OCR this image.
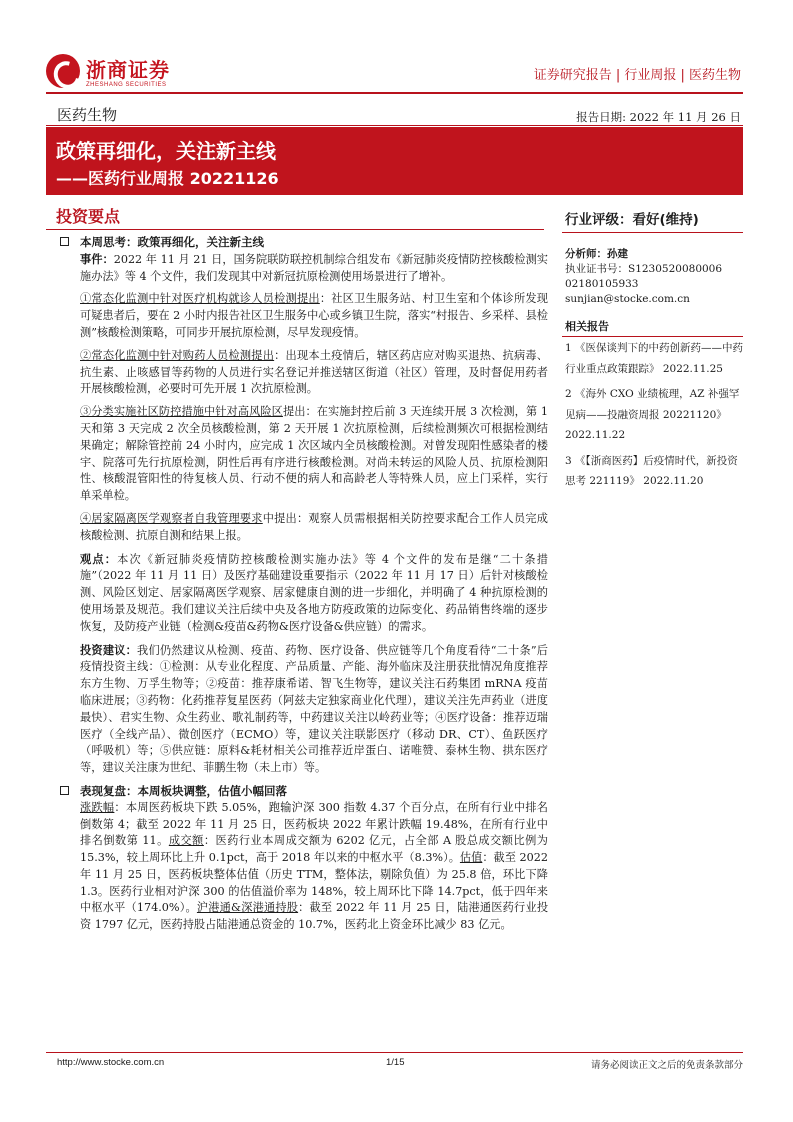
浙商证券
ZHESHANG SECURITIES
证券研究报告 | 行业周报 | 医药生物
医药生物	报告日期: 2022 年 11 月 26 日
政策再细化，关注新主线
——医药行业周报 20221126
投资要点	行业评级：看好(维持)
分析师：孙建
执业证书号：S1230520080006
02180105933
sunjian@stocke.com.cn
相关报告
1 《医保谈判下的中药创新药——中药行业重点政策跟踪》 2022.11.25
2 《海外 CXO 业绩梳理，AZ 补强罕见病——投融资周报 20221120》 2022.11.22
3 《【浙商医药】后疫情时代，新投资思考 221119》 2022.11.20
本周思考：政策再细化，关注新主线
事件：2022 年 11 月 21 日，国务院联防联控机制综合组发布《新冠肺炎疫情防控核酸检测实施办法》等 4 个文件，我们发现其中对新冠抗原检测使用场景进行了增补。
①常态化监测中针对医疗机构就诊人员检测提出：社区卫生服务站、村卫生室和个体诊所发现可疑患者后，要在 2 小时内报告社区卫生服务中心或乡镇卫生院，落实“村报告、乡采样、县检测”核酸检测策略，可同步开展抗原检测，尽早发现疫情。
②常态化监测中针对购药人员检测提出：出现本土疫情后，辖区药店应对购买退热、抗病毒、抗生素、止咳感冒等药物的人员进行实名登记并推送辖区街道（社区）管理，及时督促用药者开展核酸检测，必要时可先开展 1 次抗原检测。
③分类实施社区防控措施中针对高风险区提出：在实施封控后前 3 天连续开展 3 次检测，第 1 天和第 3 天完成 2 次全员核酸检测，第 2 天开展 1 次抗原检测，后续检测频次可根据检测结果确定；解除管控前 24 小时内，应完成 1 次区域内全员核酸检测。对曾发现阳性感染者的楼宇、院落可先行抗原检测，阴性后再有序进行核酸检测。对尚未转运的风险人员、抗原检测阳性、核酸混管阳性的待复核人员、行动不便的病人和高龄老人等特殊人员，应上门采样，实行单采单检。
④居家隔离医学观察者自我管理要求中提出：观察人员需根据相关防控要求配合工作人员完成核酸检测、抗原自测和结果上报。
观点：本次《新冠肺炎疫情防控核酸检测实施办法》等 4 个文件的发布是继“二十条措施”（2022 年 11 月 11 日）及医疗基础建设重要指示（2022 年 11 月 17 日）后针对核酸检测、风险区划定、居家隔离医学观察、居家健康自测的进一步细化，并明确了 4 种抗原检测的使用场景及规范。我们建议关注后续中央及各地方防疫政策的边际变化、药品销售终端的逐步恢复，及防疫产业链（检测&疫苗&药物&医疗设备&供应链）的需求。
投资建议：我们仍然建议从检测、疫苗、药物、医疗设备、供应链等几个角度看待“二十条”后疫情投资主线：①检测：从专业化程度、产品质量、产能、海外临床及注册获批情况角度推荐东方生物、万孚生物等；②疫苗：推荐康希诺、智飞生物等，建议关注石药集团 mRNA 疫苗临床进展；③药物：化药推荐复星医药（阿兹夫定独家商业化代理），建议关注先声药业（进度最快）、君实生物、众生药业、歌礼制药等，中药建议关注以岭药业等；④医疗设备：推荐迈瑞医疗（全线产品）、微创医疗（ECMO）等，建议关注联影医疗（移动 DR、CT）、鱼跃医疗（呼吸机）等；⑤供应链：原料&耗材相关公司推荐近岸蛋白、诺唯赞、泰林生物、拱东医疗等，建议关注康为世纪、菲鹏生物（未上市）等。
表现复盘：本周板块调整，估值小幅回落
涨跌幅：本周医药板块下跌 5.05%，跑输沪深 300 指数 4.37 个百分点，在所有行业中排名倒数第 4；截至 2022 年 11 月 25 日，医药板块 2022 年累计跌幅 19.48%，在所有行业中排名倒数第 11。成交额：医药行业本周成交额为 6202 亿元，占全部 A 股总成交额比例为 15.3%，较上周环比上升 0.1pct，高于 2018 年以来的中枢水平（8.3%）。估值：截至 2022 年 11 月 25 日，医药板块整体估值（历史 TTM，整体法，剔除负值）为 25.8 倍，环比下降 1.3。医药行业相对沪深 300 的估值溢价率为 148%，较上周环比下降 14.7pct，低于四年来中枢水平（174.0%）。沪港通&深港通持股：截至 2022 年 11 月 25 日，陆港通医药行业投资 1797 亿元，医药持股占陆港通总资金的 10.7%，医药北上资金环比减少 83 亿元。
http://www.stocke.com.cn	1/15	请务必阅读正文之后的免责条款部分
